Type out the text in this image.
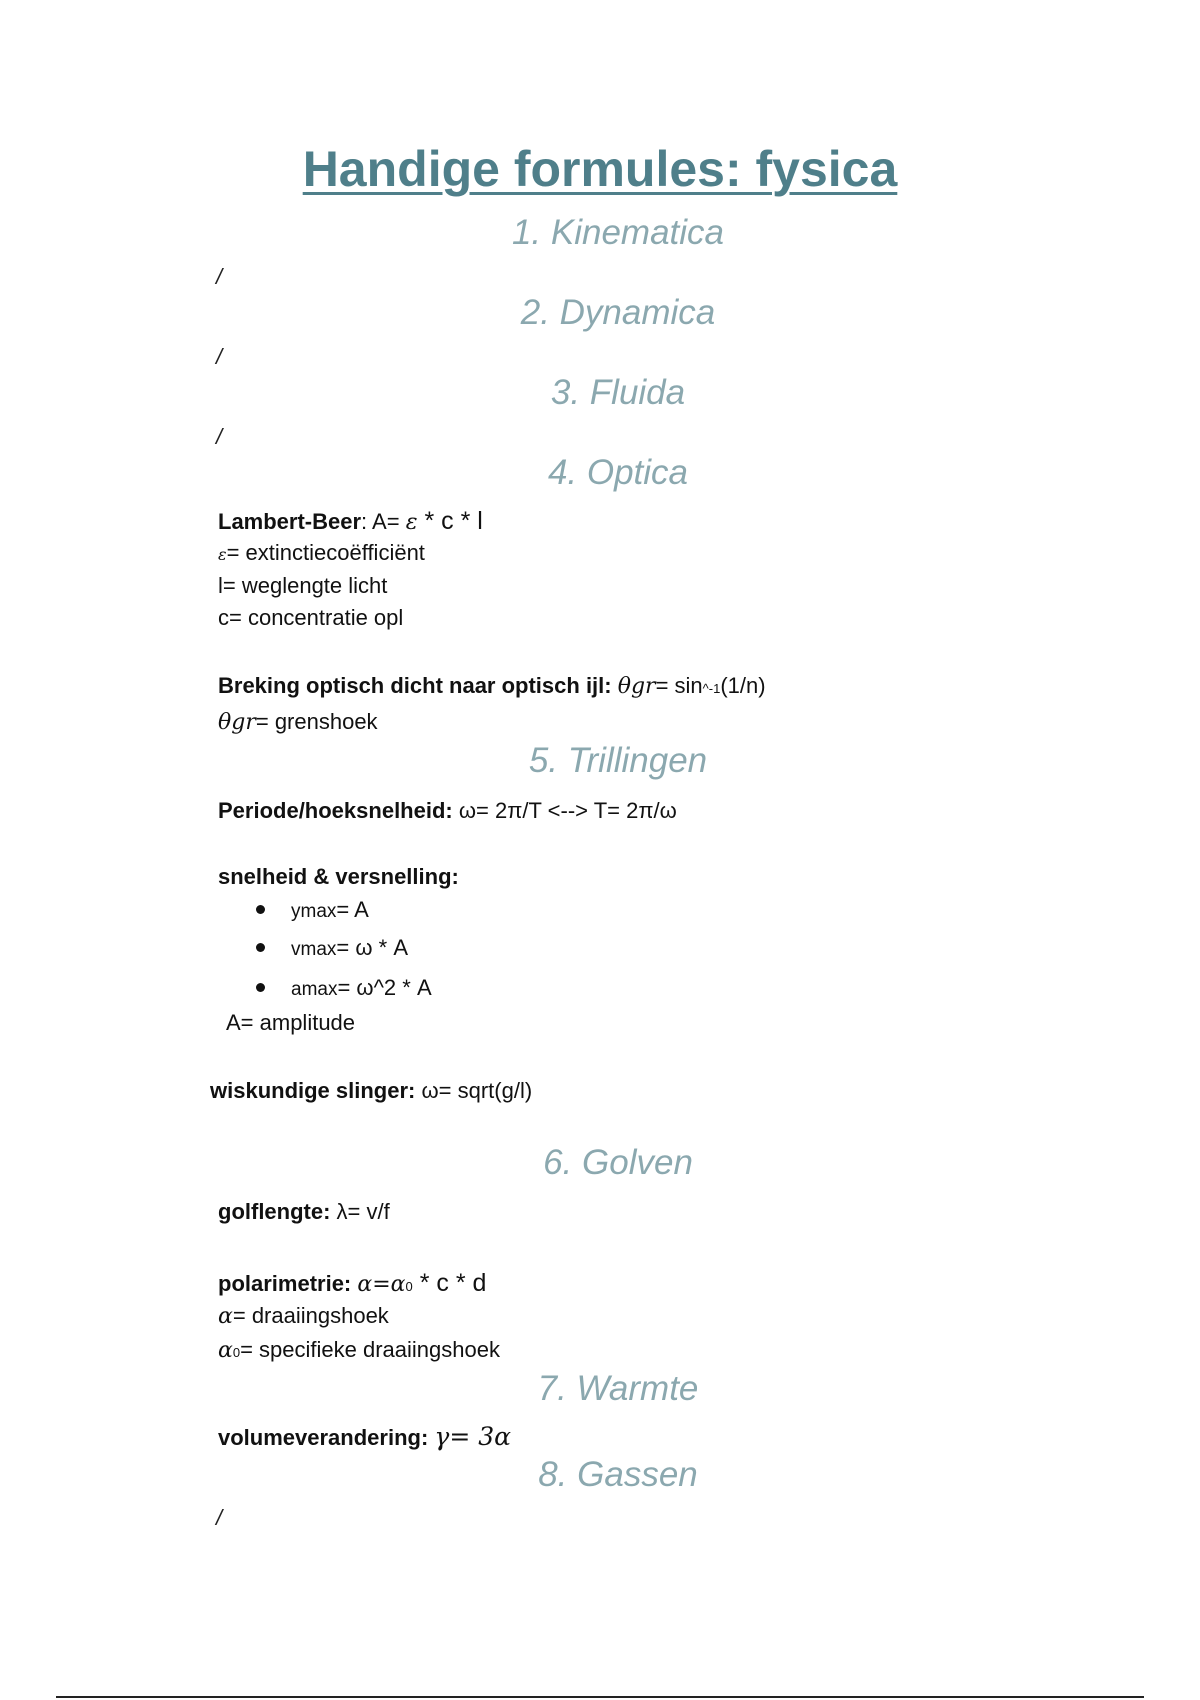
Handige formules: fysica
1. Kinematica
/
2. Dynamica
/
3. Fluida
/
4. Optica
Lambert-Beer: A= ε * c * l
ε= extinctiecoëfficiënt
l= weglengte licht
c= concentratie opl
Breking optisch dicht naar optisch ijl: θgr= sin^-1(1/n)
θgr= grenshoek
5. Trillingen
Periode/hoeksnelheid: ω= 2π/T <--> T= 2π/ω
snelheid & versnelling:
ymax= A
vmax= ω * A
amax= ω^2 * A
A= amplitude
wiskundige slinger: ω= sqrt(g/l)
6. Golven
golflengte: λ= v/f
polarimetrie: α=α0 * c * d
α= draaiingshoek
α0= specifieke draaiingshoek
7. Warmte
volumeverandering: γ= 3α
8. Gassen
/
